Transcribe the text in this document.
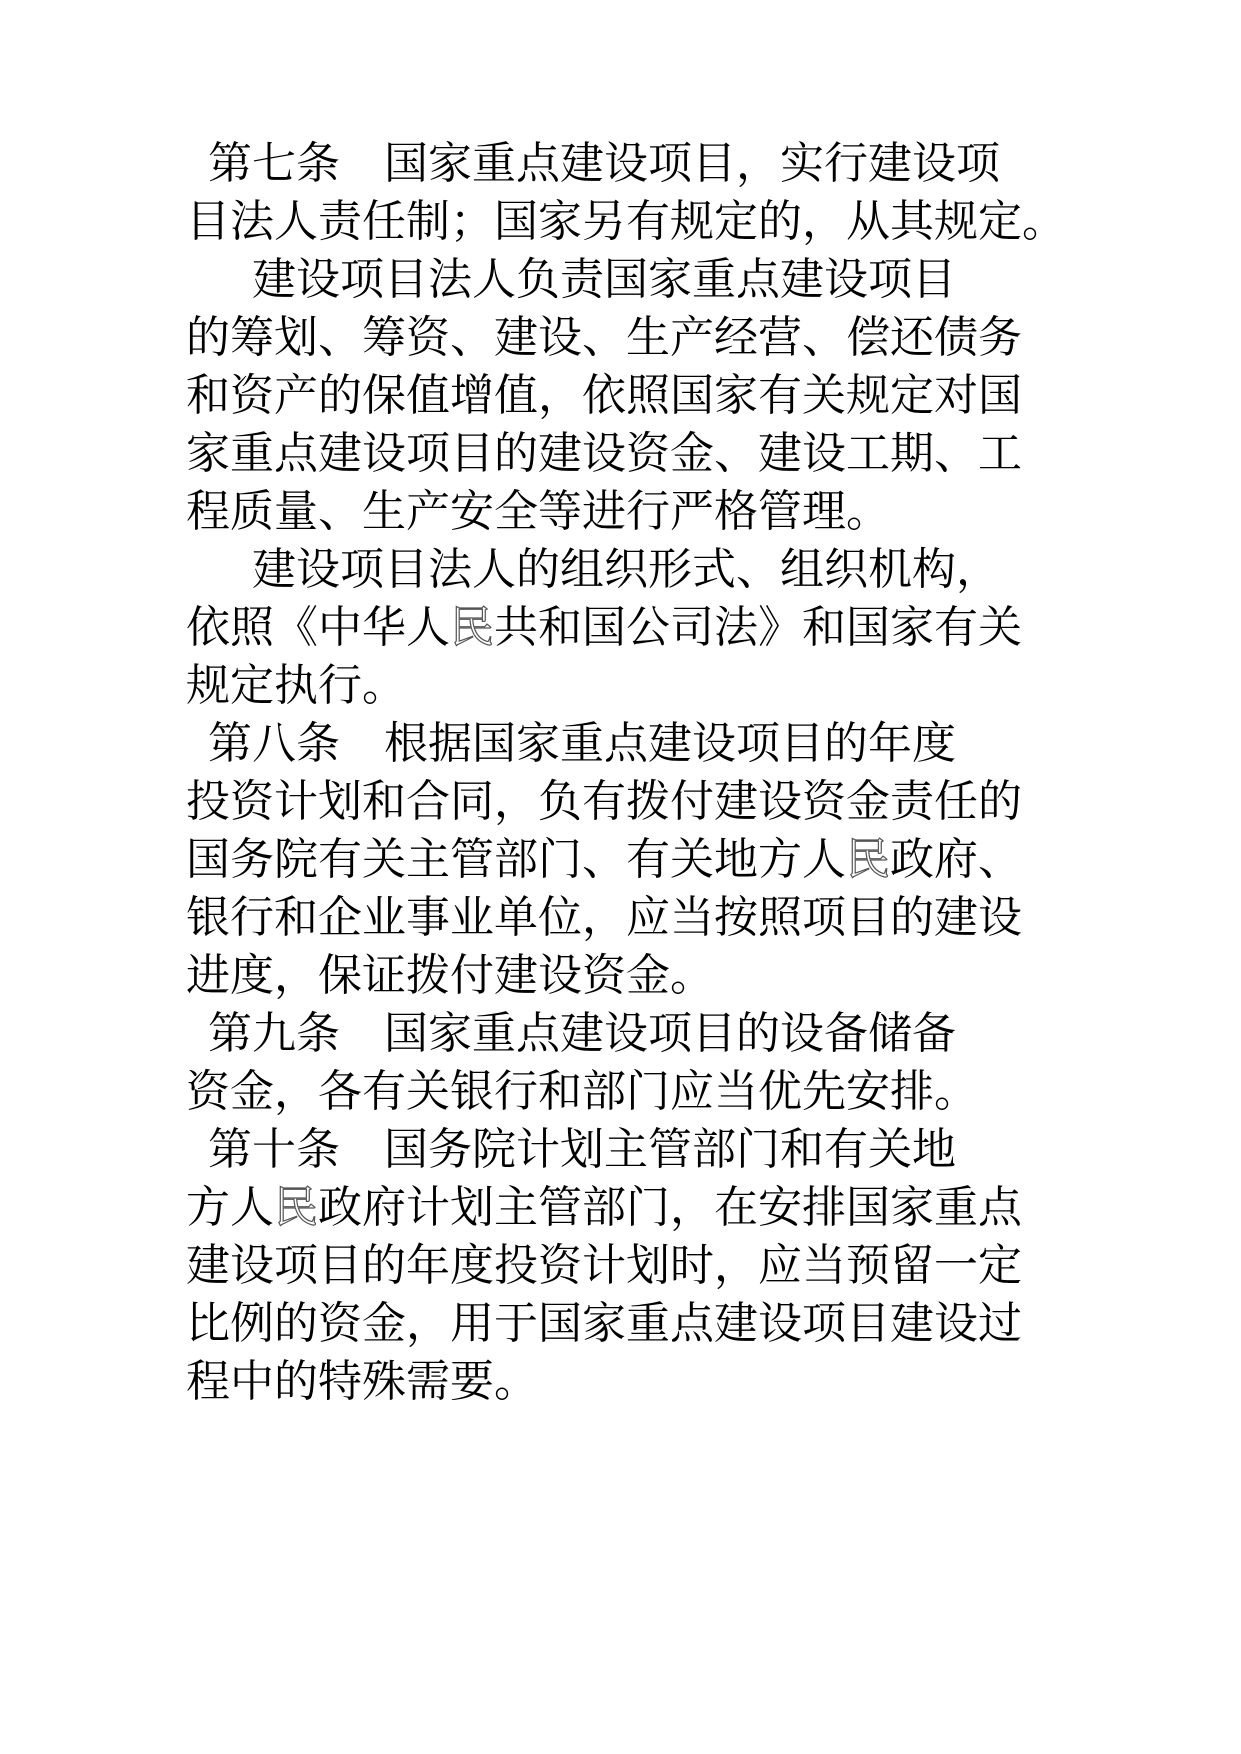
第七条　国家重点建设项目，实行建设项
目法人责任制；国家另有规定的，从其规定。
建设项目法人负责国家重点建设项目
的筹划、筹资、建设、生产经营、偿还债务
和资产的保值增值，依照国家有关规定对国
家重点建设项目的建设资金、建设工期、工
程质量、生产安全等进行严格管理。
建设项目法人的组织形式、组织机构，
依照《中华人民共和国公司法》和国家有关
规定执行。
第八条　根据国家重点建设项目的年度
投资计划和合同，负有拨付建设资金责任的
国务院有关主管部门、有关地方人民政府、
银行和企业事业单位，应当按照项目的建设
进度，保证拨付建设资金。
第九条　国家重点建设项目的设备储备
资金，各有关银行和部门应当优先安排。
第十条　国务院计划主管部门和有关地
方人民政府计划主管部门，在安排国家重点
建设项目的年度投资计划时，应当预留一定
比例的资金，用于国家重点建设项目建设过
程中的特殊需要。
